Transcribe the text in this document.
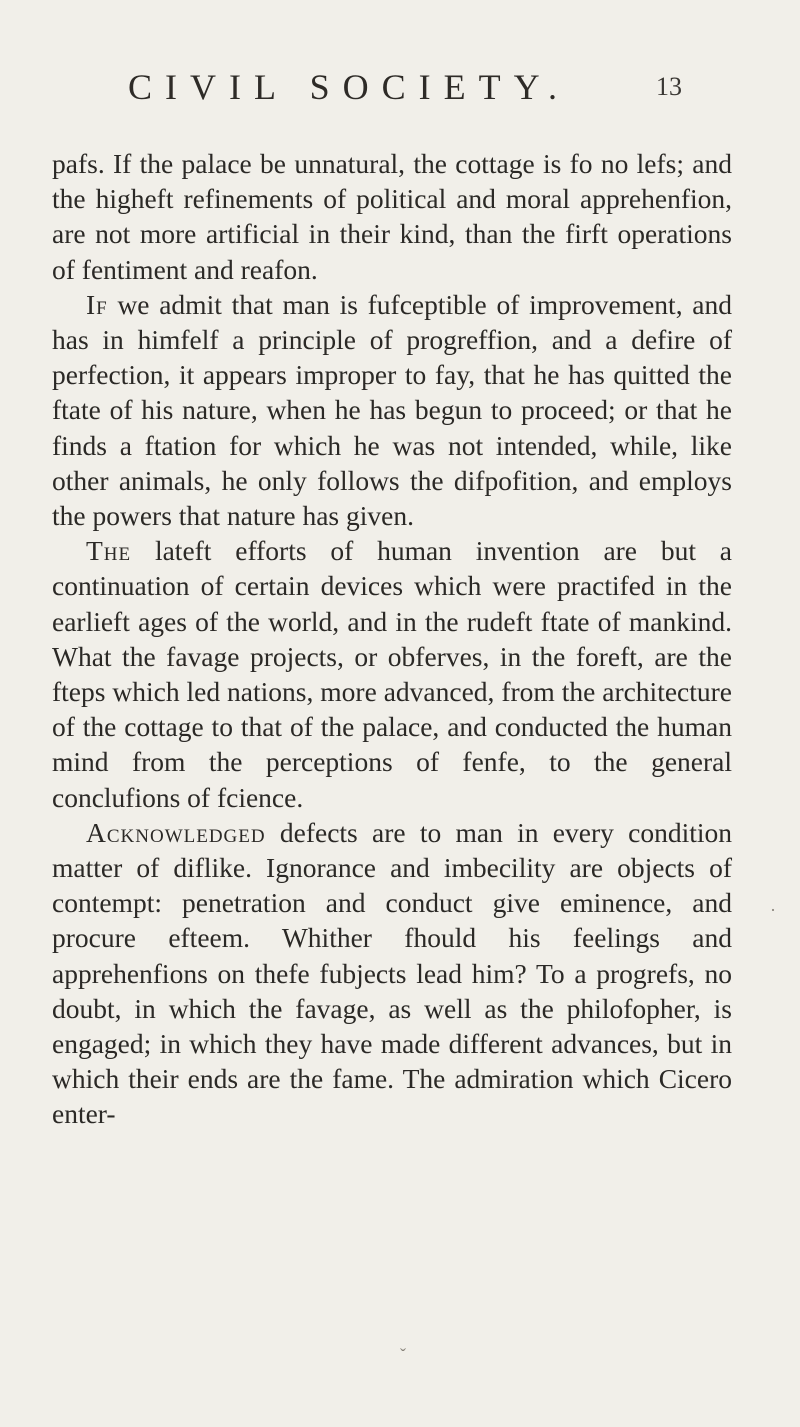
CIVIL SOCIETY.	13

pafs. If the palace be unnatural, the cottage is fo no lefs; and the higheft refinements of political and moral apprehenfion, are not more artificial in their kind, than the firft operations of fentiment and reafon.

If we admit that man is fufceptible of improvement, and has in himfelf a principle of progreffion, and a defire of perfection, it appears improper to fay, that he has quitted the ftate of his nature, when he has begun to proceed; or that he finds a ftation for which he was not intended, while, like other animals, he only follows the difpofition, and employs the powers that nature has given.

The lateft efforts of human invention are but a continuation of certain devices which were practifed in the earlieft ages of the world, and in the rudeft ftate of mankind. What the favage projects, or obferves, in the foreft, are the fteps which led nations, more advanced, from the architecture of the cottage to that of the palace, and conducted the human mind from the perceptions of fenfe, to the general conclufions of fcience.

Acknowledged defects are to man in every condition matter of diflike. Ignorance and imbecility are objects of contempt: penetration and conduct give eminence, and procure efteem. Whither fhould his feelings and apprehenfions on thefe fubjects lead him? To a progrefs, no doubt, in which the favage, as well as the philofopher, is engaged; in which they have made different advances, but in which their ends are the fame. The admiration which Cicero enter-

·
ˇ
